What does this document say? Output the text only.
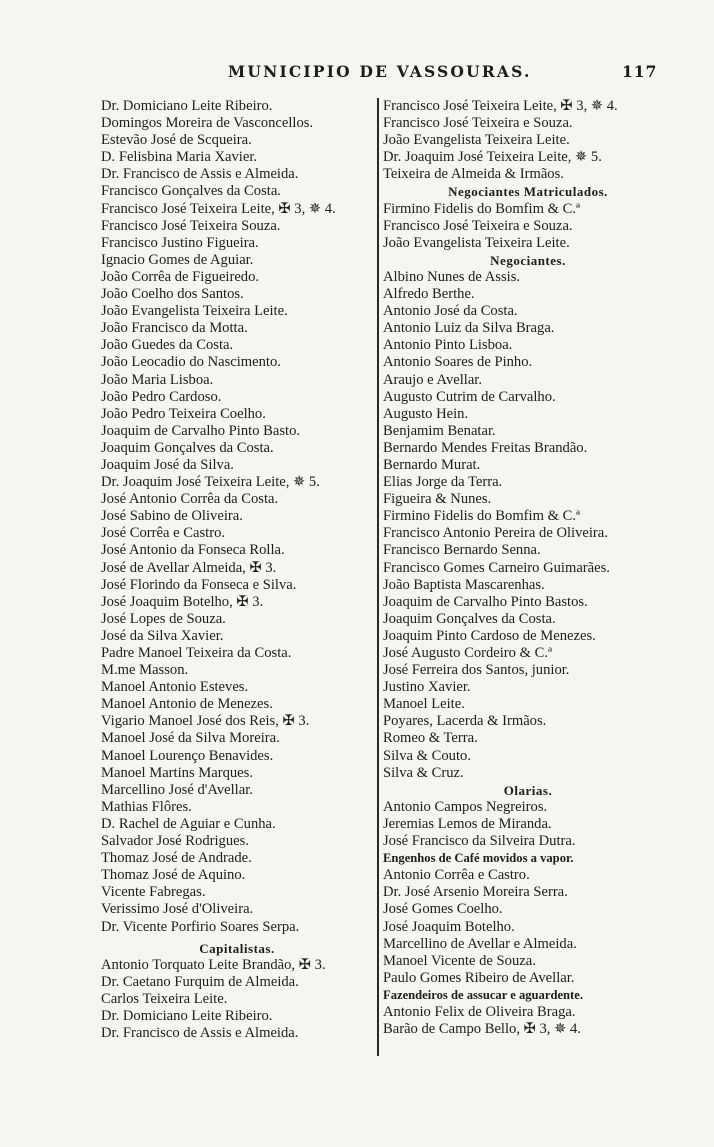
MUNICIPIO DE VASSOURAS.	117
Dr. Domiciano Leite Ribeiro.
Domingos Moreira de Vasconcellos.
Estevão José de Scqueira.
D. Felisbina Maria Xavier.
Dr. Francisco de Assis e Almeida.
Francisco Gonçalves da Costa.
Francisco José Teixeira Leite, ✠ 3, ✵ 4.
Francisco José Teixeira Souza.
Francisco Justino Figueira.
Ignacio Gomes de Aguiar.
João Corrêa de Figueiredo.
João Coelho dos Santos.
João Evangelista Teixeira Leite.
João Francisco da Motta.
João Guedes da Costa.
João Leocadio do Nascimento.
João Maria Lisboa.
João Pedro Cardoso.
João Pedro Teixeira Coelho.
Joaquim de Carvalho Pinto Basto.
Joaquim Gonçalves da Costa.
Joaquim José da Silva.
Dr. Joaquim José Teixeira Leite, ✵ 5.
José Antonio Corrêa da Costa.
José Sabino de Oliveira.
José Corrêa e Castro.
José Antonio da Fonseca Rolla.
José de Avellar Almeida, ✠ 3.
José Florindo da Fonseca e Silva.
José Joaquim Botelho, ✠ 3.
José Lopes de Souza.
José da Silva Xavier.
Padre Manoel Teixeira da Costa.
M.me Masson.
Manoel Antonio Esteves.
Manoel Antonio de Menezes.
Vigario Manoel José dos Reis, ✠ 3.
Manoel José da Silva Moreira.
Manoel Lourenço Benavides.
Manoel Martins Marques.
Marcellino José d'Avellar.
Mathias Flôres.
D. Rachel de Aguiar e Cunha.
Salvador José Rodrigues.
Thomaz José de Andrade.
Thomaz José de Aquino.
Vicente Fabregas.
Verissimo José d'Oliveira.
Dr. Vicente Porfirio Soares Serpa.
Capitalistas.
Antonio Torquato Leite Brandão, ✠ 3.
Dr. Caetano Furquim de Almeida.
Carlos Teixeira Leite.
Dr. Domiciano Leite Ribeiro.
Dr. Francisco de Assis e Almeida.
Francisco José Teixeira Leite, ✠ 3, ✵ 4.
Francisco José Teixeira e Souza.
João Evangelista Teixeira Leite.
Dr. Joaquim José Teixeira Leite, ✵ 5.
Teixeira de Almeida & Irmãos.
Negociantes Matriculados.
Firmino Fidelis do Bomfim & C.ª
Francisco José Teixeira e Souza.
João Evangelista Teixeira Leite.
Negociantes.
Albino Nunes de Assis.
Alfredo Berthe.
Antonio José da Costa.
Antonio Luiz da Silva Braga.
Antonio Pinto Lisboa.
Antonio Soares de Pinho.
Araujo e Avellar.
Augusto Cutrim de Carvalho.
Augusto Hein.
Benjamim Benatar.
Bernardo Mendes Freitas Brandão.
Bernardo Murat.
Elias Jorge da Terra.
Figueira & Nunes.
Firmino Fidelis do Bomfim & C.ª
Francisco Antonio Pereira de Oliveira.
Francisco Bernardo Senna.
Francisco Gomes Carneiro Guimarães.
João Baptista Mascarenhas.
Joaquim de Carvalho Pinto Bastos.
Joaquim Gonçalves da Costa.
Joaquim Pinto Cardoso de Menezes.
José Augusto Cordeiro & C.ª
José Ferreira dos Santos, junior.
Justino Xavier.
Manoel Leite.
Poyares, Lacerda & Irmãos.
Romeo & Terra.
Silva & Couto.
Silva & Cruz.
Olarias.
Antonio Campos Negreiros.
Jeremias Lemos de Miranda.
José Francisco da Silveira Dutra.
Engenhos de Café movidos a vapor.
Antonio Corrêa e Castro.
Dr. José Arsenio Moreira Serra.
José Gomes Coelho.
José Joaquim Botelho.
Marcellino de Avellar e Almeida.
Manoel Vicente de Souza.
Paulo Gomes Ribeiro de Avellar.
Fazendeiros de assucar e aguardente.
Antonio Felix de Oliveira Braga.
Barão de Campo Bello, ✠ 3, ✵ 4.
